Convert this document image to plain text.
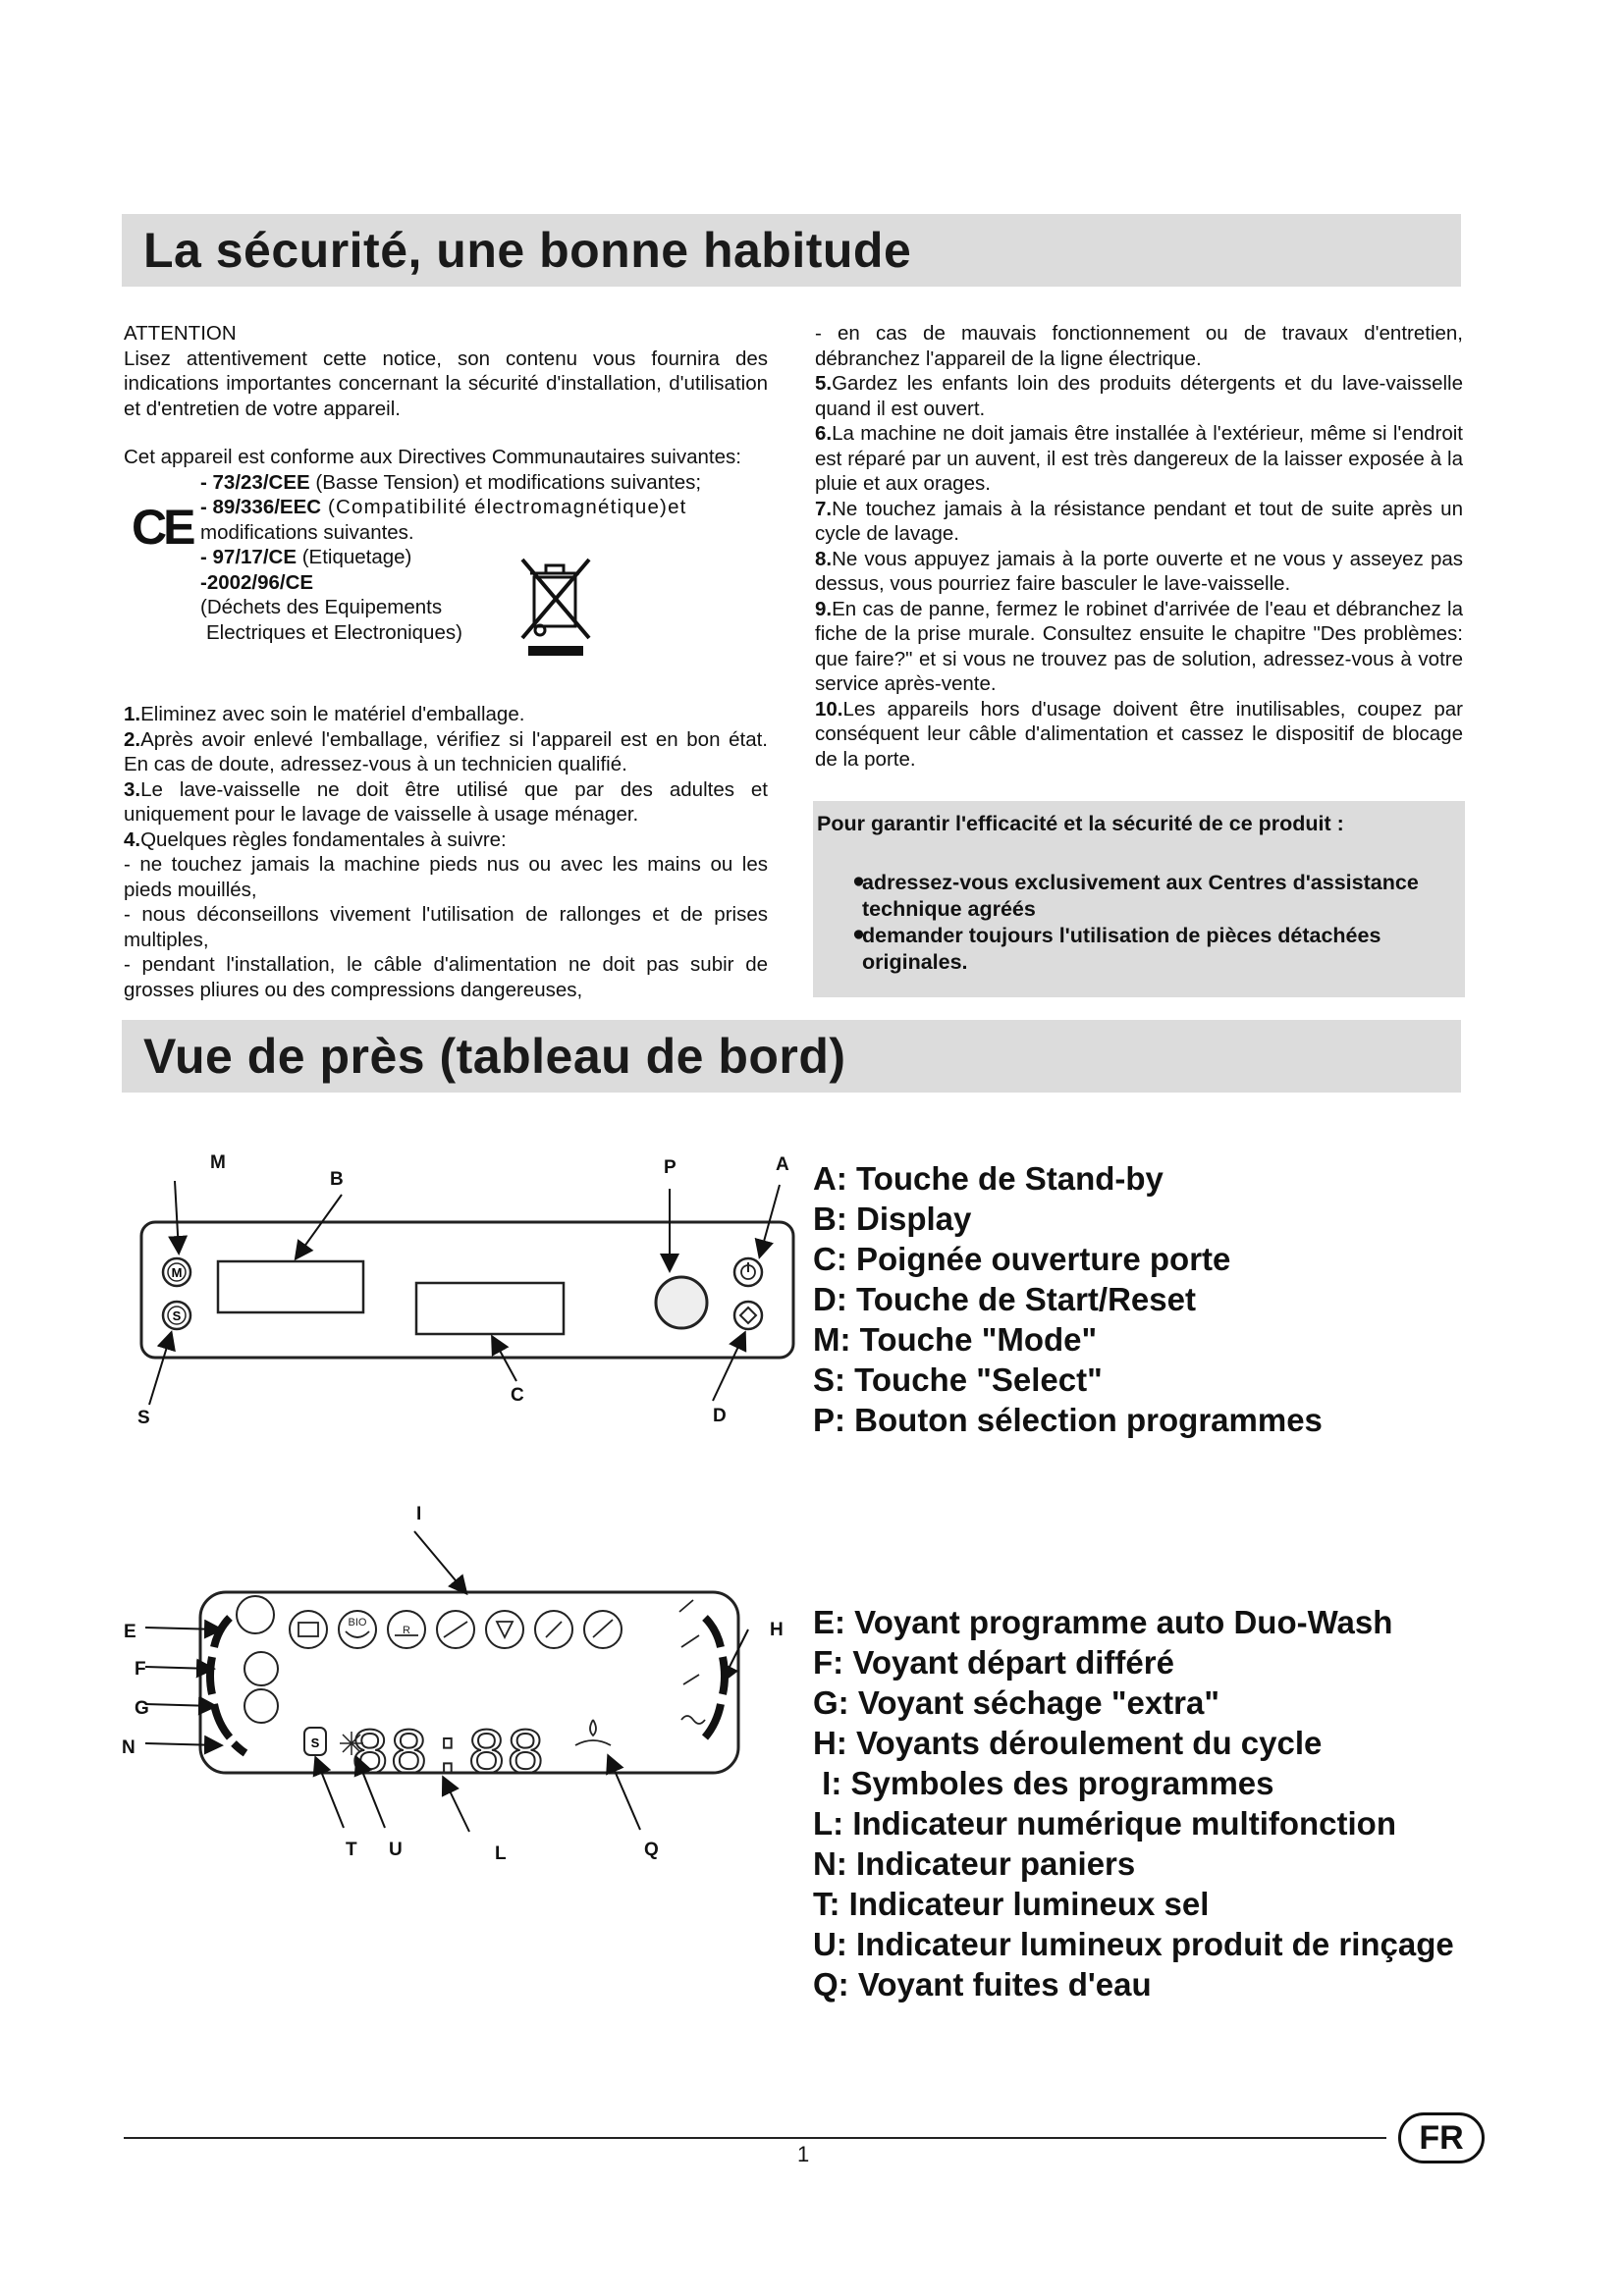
La sécurité, une bonne habitude

ATTENTION

Lisez attentivement cette notice, son contenu vous fournira des indications importantes concernant la sécurité d'installation, d'utilisation et d'entretien de votre appareil.

Cet appareil est conforme aux Directives Communautaires suivantes:

- 73/23/CEE (Basse Tension) et modifications suivantes;

- 89/336/EEC (Compatibilité électromagnétique)et

modifications suivantes.

- 97/17/CE (Etiquetage)

-2002/96/CE

(Déchets des Equipements

Electriques et Electroniques)

CE

1.Eliminez avec soin le matériel d'emballage.

2.Après avoir enlevé l'emballage, vérifiez si l'appareil est en bon état. En cas de doute, adressez-vous à un technicien qualifié.

3.Le lave-vaisselle ne doit être utilisé que par des adultes et uniquement pour le lavage de vaisselle à usage ménager.

4.Quelques règles fondamentales à suivre:

- ne touchez jamais la machine pieds nus ou avec les mains ou les pieds mouillés,

- nous déconseillons vivement l'utilisation de rallonges et de prises multiples,

- pendant l'installation, le câble d'alimentation ne doit pas subir de grosses pliures ou des compressions dangereuses,

- en cas de mauvais fonctionnement ou de travaux d'entretien, débranchez l'appareil de la ligne électrique.

5.Gardez les enfants loin des produits détergents et du lave-vaisselle quand il est ouvert.

6.La machine ne doit jamais être installée à l'extérieur, même si l'endroit est réparé par un auvent, il est très dangereux de la laisser exposée à la pluie et aux orages.

7.Ne touchez jamais à la résistance pendant et tout de suite après un cycle de lavage.

8.Ne vous appuyez jamais à la porte ouverte et ne vous y asseyez pas dessus, vous pourriez faire basculer le lave-vaisselle.

9.En cas de panne, fermez le robinet d'arrivée de l'eau et débranchez la fiche de la prise murale. Consultez ensuite le chapitre "Des problèmes: que faire?" et si vous ne trouvez pas de solution, adressez-vous à votre service après-vente.

10.Les appareils hors d'usage doivent être inutilisables, coupez par conséquent leur câble d'alimentation et cassez le dispositif de blocage de la porte.

Pour garantir l'efficacité et la sécurité de ce produit :
●
adressez-vous exclusivement aux Centres d'assistance technique agréés
●
demander toujours l'utilisation de pièces détachées originales.
Vue de près (tableau de bord)
M
S
M
B
P	A
S
C
D
A: Touche de Stand-by
B: Display
C: Poignée ouverture porte
D: Touche de Start/Reset
M: Touche "Mode"
S: Touche "Select"
P: Bouton sélection programmes
BIO
R
S 88:88
I
E
F
G
N
H
T U	L	Q
E: Voyant programme auto Duo-Wash
F: Voyant départ différé
G: Voyant séchage "extra"
H: Voyants déroulement du cycle
I: Symboles des programmes
L: Indicateur numérique multifonction
N: Indicateur paniers
T: Indicateur lumineux sel
U: Indicateur lumineux produit de rinçage
Q: Voyant fuites d'eau
1	FR
